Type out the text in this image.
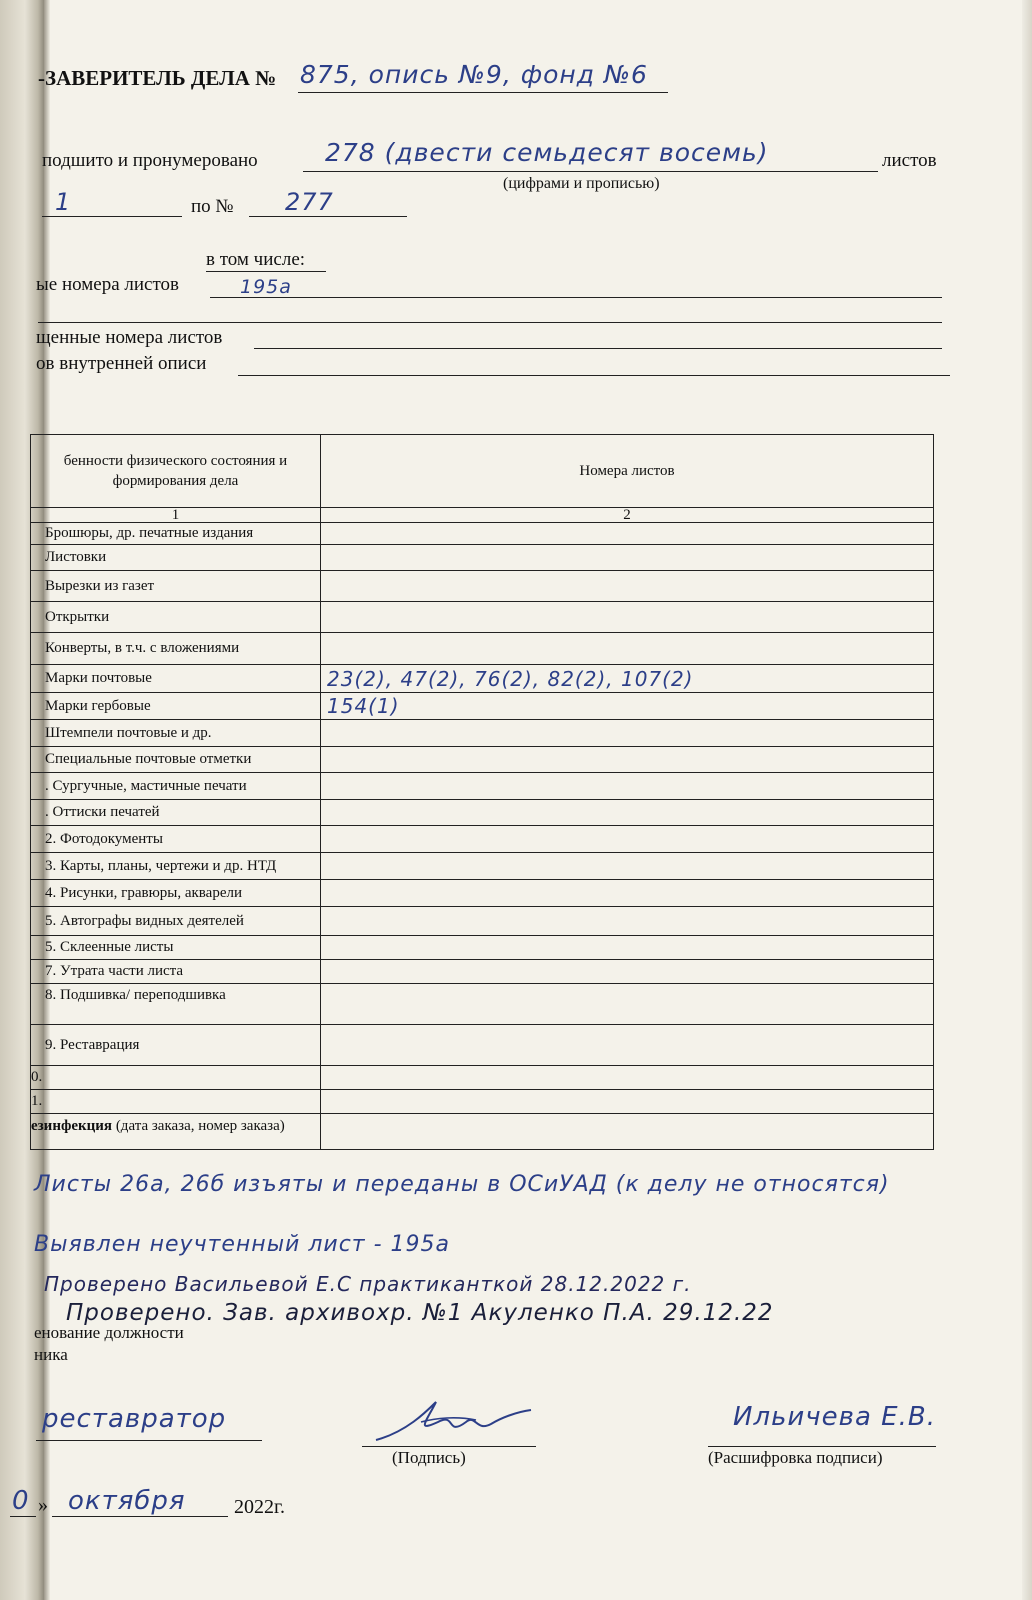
-ЗАВЕРИТЕЛЬ ДЕЛА № 875, опись №9, фонд №6
подшито и пронумеровано	278 (двести семьдесят восемь)	листов
(цифрами и прописью)
1	по № 277
в том числе:
ые номера листов	195а
щенные номера листов
ов внутренней описи
бенности физического состояния и формирования дела	Номера листов
1	2
Брошюры, др. печатные издания	
Листовки	
Вырезки из газет	
Открытки	
Конверты, в т.ч. с вложениями	
Марки почтовые	23(2), 47(2), 76(2), 82(2), 107(2)
Марки гербовые	154(1)
Штемпели почтовые и др.	
Специальные почтовые отметки	
. Сургучные, мастичные печати	
. Оттиски печатей	
2. Фотодокументы	
3. Карты, планы, чертежи и др. НТД	
4. Рисунки, гравюры, акварели	
5. Автографы видных деятелей	
5. Склеенные листы	
7. Утрата части листа	
8. Подшивка/ переподшивка	
9. Реставрация	
0.	
1.	
езинфекция (дата заказа, номер заказа)	
Листы 26а, 26б изъяты и переданы в ОСиУАД (к делу не относятся)
Выявлен неучтенный лист - 195а
Проверено Васильевой Е.С практиканткой 28.12.2022 г.
Проверено. Зав. архивохр. №1 Акуленко П.А. 29.12.22
енование должности
ника
реставратор
(Подпись)
Ильичева Е.В.
(Расшифровка подписи)
0 » октября 2022г.
